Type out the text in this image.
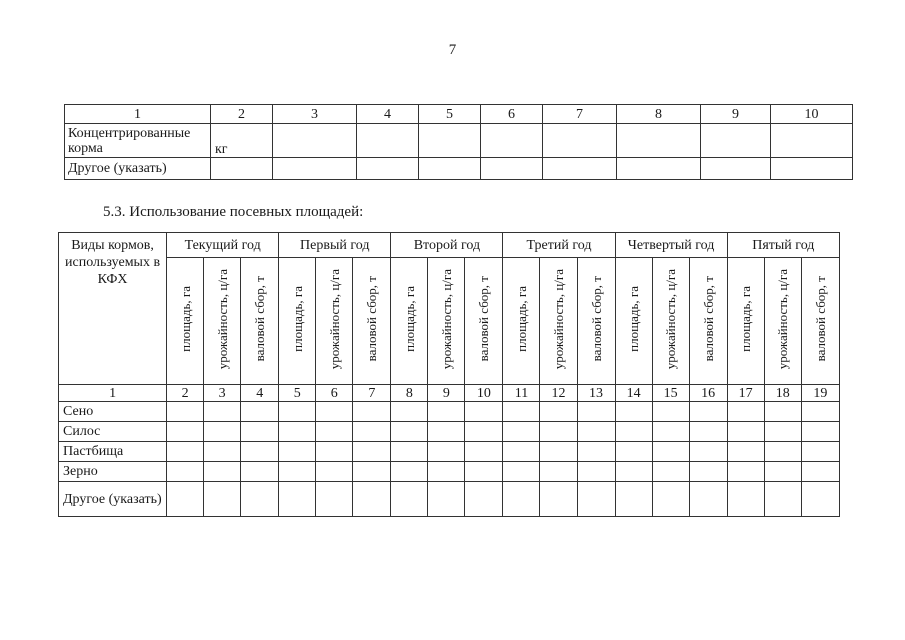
7
1	2	3	4	5	6	7	8	9	10
Концентрированные корма	кг								
Другое (указать)									
5.3. Использование посевных площадей:
Виды кормов, используемых в КФХ	Текущий год			Первый год			Второй год			Третий год			Четвертый год			Пятый год		
	площадь, га	урожайность, ц/га	валовой сбор, т	площадь, га	урожайность, ц/га	валовой сбор, т	площадь, га	урожайность, ц/га	валовой сбор, т	площадь, га	урожайность, ц/га	валовой сбор, т	площадь, га	урожайность, ц/га	валовой сбор, т	площадь, га	урожайность, ц/га	валовой сбор, т
1	2	3	4	5	6	7	8	9	10	11	12	13	14	15	16	17	18	19
Сено																		
Силос																		
Пастбища																		
Зерно																		
Другое (указать)																		
